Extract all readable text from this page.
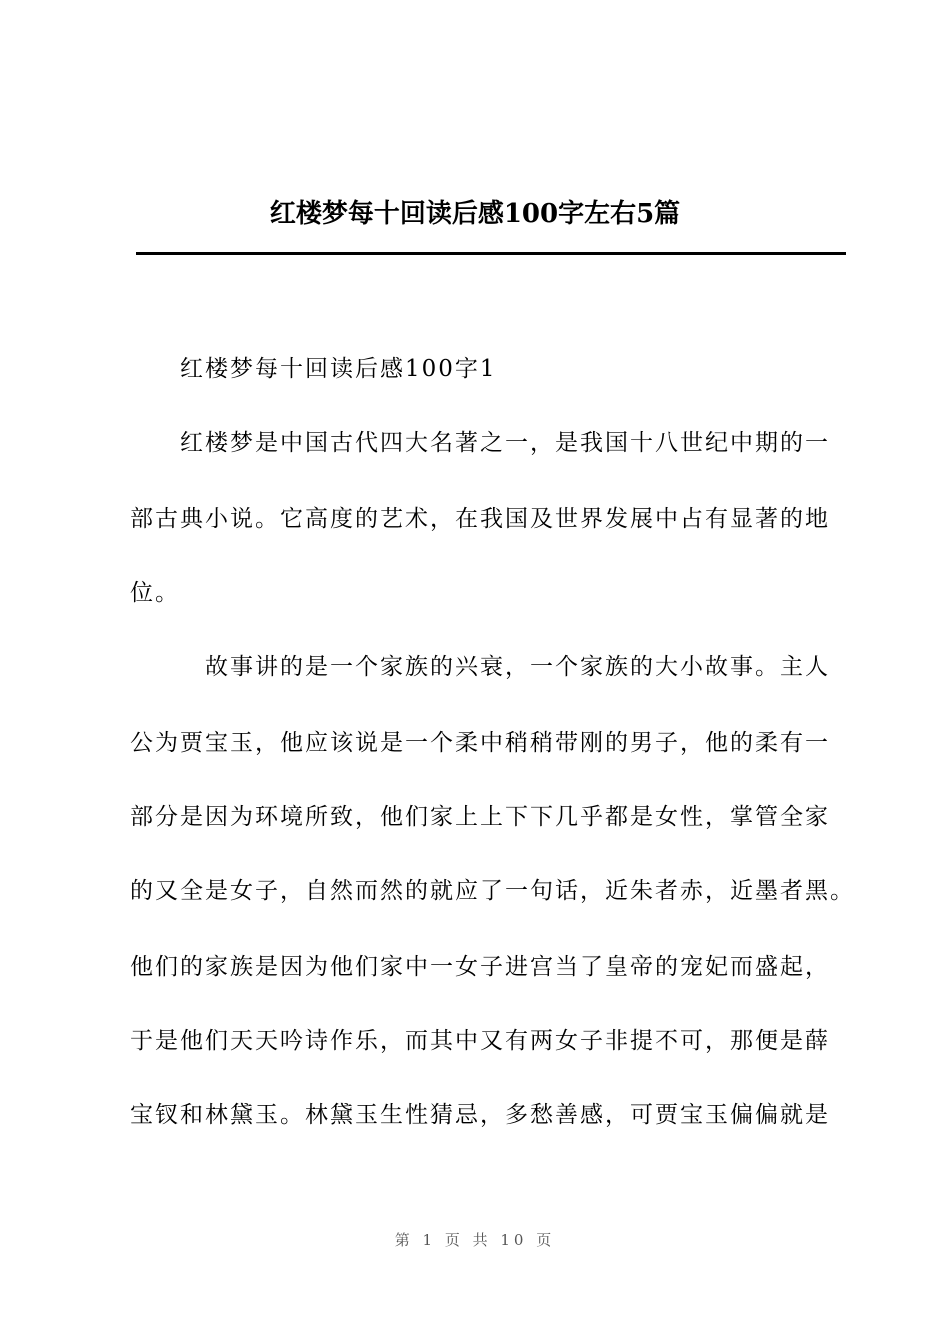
红楼梦每十回读后感100字左右5篇
红楼梦每十回读后感100字1
红楼梦是中国古代四大名著之一，是我国十八世纪中期的一
部古典小说。它高度的艺术，在我国及世界发展中占有显著的地
位。
故事讲的是一个家族的兴衰，一个家族的大小故事。主人
公为贾宝玉，他应该说是一个柔中稍稍带刚的男子，他的柔有一
部分是因为环境所致，他们家上上下下几乎都是女性，掌管全家
的又全是女子，自然而然的就应了一句话，近朱者赤，近墨者黑。
他们的家族是因为他们家中一女子进宫当了皇帝的宠妃而盛起，
于是他们天天吟诗作乐，而其中又有两女子非提不可，那便是薛
宝钗和林黛玉。林黛玉生性猜忌，多愁善感，可贾宝玉偏偏就是
第 1 页 共 10 页
